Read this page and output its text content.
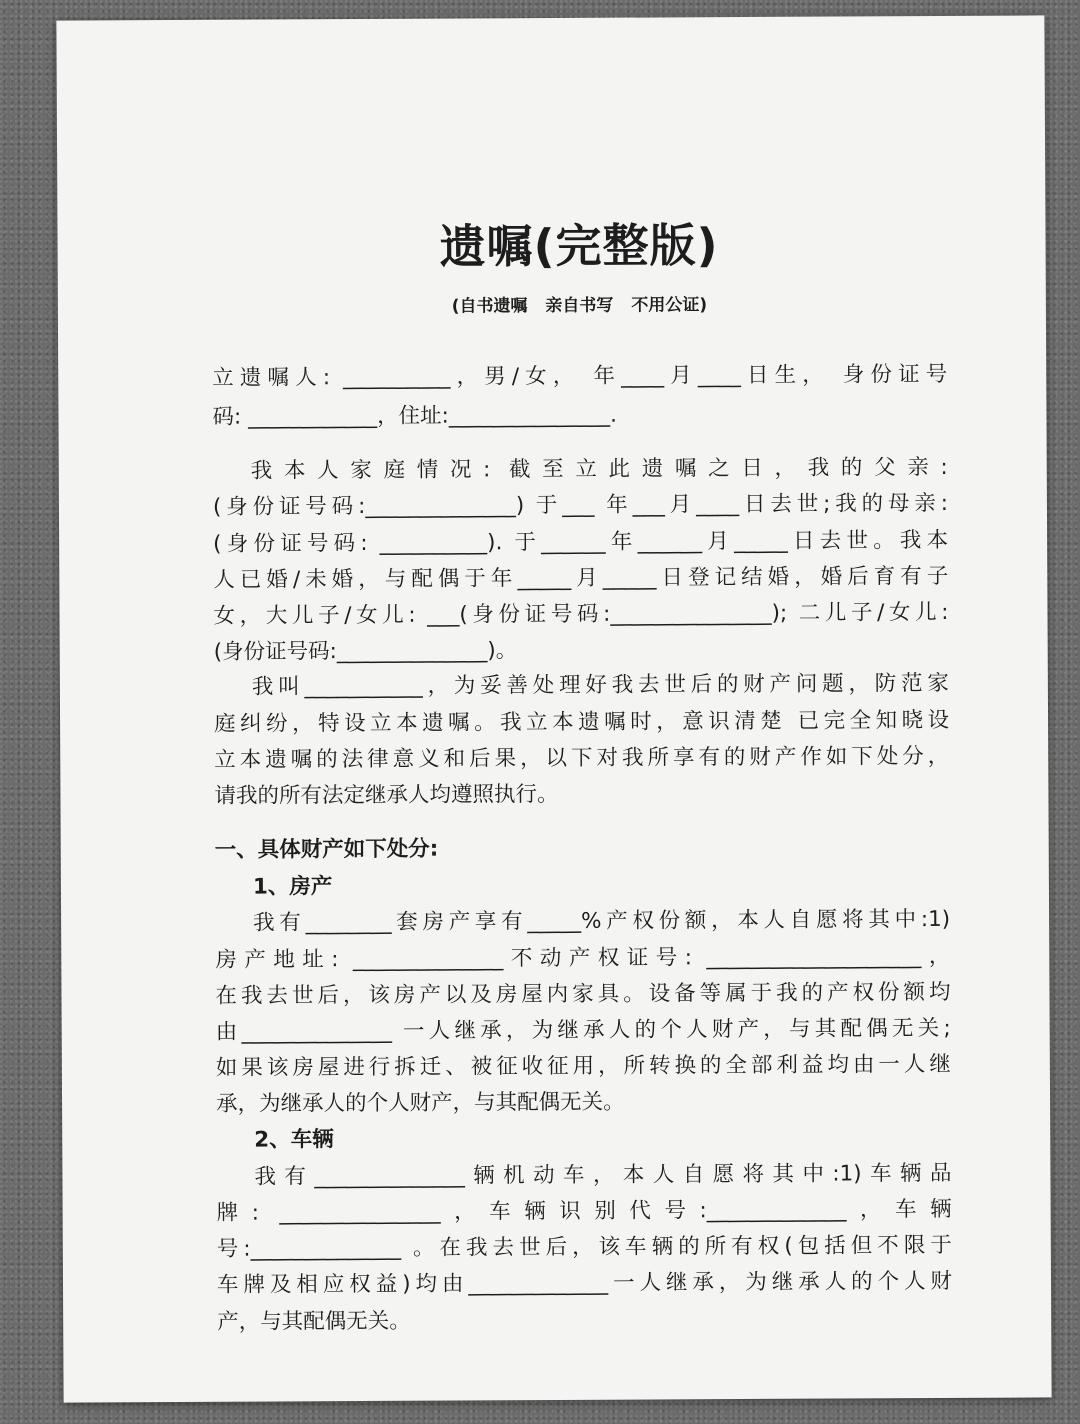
遗嘱(完整版)
(自书遗嘱 亲自书写 不用公证)
立遗嘱人: __________，男/女， 年____月____日生， 身份证号
码: ____________，住址:_______________.
我本人家庭情况: 截至立此遗嘱之日，我的父亲:
(身份证号码:______________) 于___ 年___月____日去世;我的母亲:
(身份证号码: __________). 于______年______月_____日去世。我本
人已婚/未婚，与配偶于年_____月_____日登记结婚，婚后育有子
女，大儿子/女儿: ___(身份证号码:_______________); 二儿子/女儿:
(身份证号码:______________)。
我叫___________，为妥善处理好我去世后的财产问题，防范家
庭纠纷，特设立本遗嘱。我立本遗嘱时，意识清楚 已完全知晓设
立本遗嘱的法律意义和后果，以下对我所享有的财产作如下处分，
请我的所有法定继承人均遵照执行。
一、具体财产如下处分:
1、房产
我有________套房产享有_____%产权份额，本人自愿将其中:1)
房产地址: ______________不动产权证号: ____________________，
在我去世后，该房产以及房屋内家具。设备等属于我的产权份额均
由______________ 一人继承，为继承人的个人财产，与其配偶无关;
如果该房屋进行拆迁、被征收征用，所转换的全部利益均由一人继
承，为继承人的个人财产，与其配偶无关。
2、车辆
我有______________辆机动车，本人自愿将其中:1)车辆品
牌: _______________，车辆识别代号:_____________，车辆
号:______________ 。在我去世后，该车辆的所有权(包括但不限于
车牌及相应权益)均由_____________一人继承，为继承人的个人财
产，与其配偶无关。
